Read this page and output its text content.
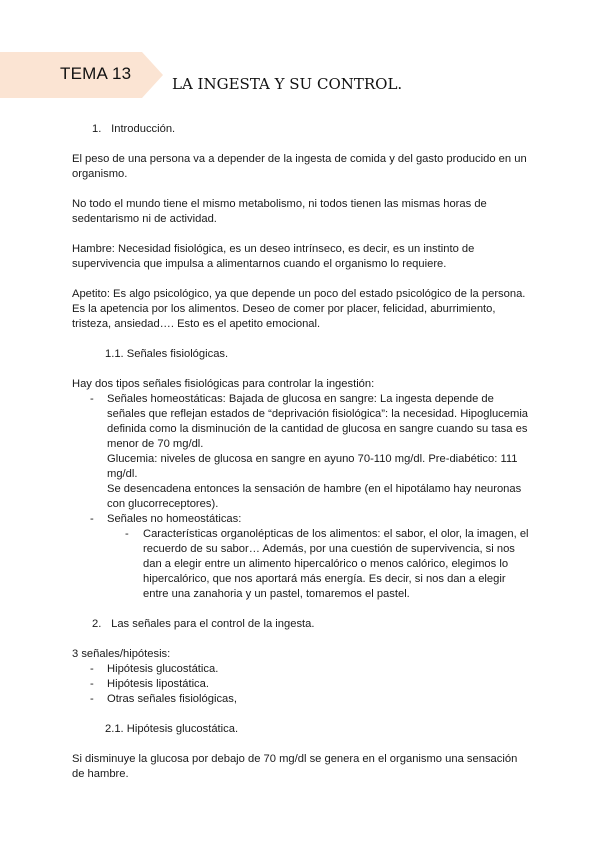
TEMA 13
LA INGESTA Y SU CONTROL.
1. Introducción.

El peso de una persona va a depender de la ingesta de comida y del gasto producido en un organismo.

No todo el mundo tiene el mismo metabolismo, ni todos tienen las mismas horas de sedentarismo ni de actividad.

Hambre: Necesidad fisiológica, es un deseo intrínseco, es decir, es un instinto de supervivencia que impulsa a alimentarnos cuando el organismo lo requiere.

Apetito: Es algo psicológico, ya que depende un poco del estado psicológico de la persona. Es la apetencia por los alimentos. Deseo de comer por placer, felicidad, aburrimiento, tristeza, ansiedad…. Esto es el apetito emocional.

1.1. Señales fisiológicas.

Hay dos tipos señales fisiológicas para controlar la ingestión:

- Señales homeostáticas: Bajada de glucosa en sangre: La ingesta depende de señales que reflejan estados de “deprivación fisiológica”: la necesidad. Hipoglucemia definida como la disminución de la cantidad de glucosa en sangre cuando su tasa es menor de 70 mg/dl.
Glucemia: niveles de glucosa en sangre en ayuno 70-110 mg/dl. Pre-diabético: 111 mg/dl.
Se desencadena entonces la sensación de hambre (en el hipotálamo hay neuronas con glucorreceptores).
- Señales no homeostáticas:
- Características organolépticas de los alimentos: el sabor, el olor, la imagen, el recuerdo de su sabor… Además, por una cuestión de supervivencia, si nos dan a elegir entre un alimento hipercalórico o menos calórico, elegimos lo hipercalórico, que nos aportará más energía. Es decir, si nos dan a elegir entre una zanahoria y un pastel, tomaremos el pastel.
2. Las señales para el control de la ingesta.

3 señales/hipótesis:

- Hipótesis glucostática.
- Hipótesis lipostática.
- Otras señales fisiológicas,
2.1. Hipótesis glucostática.

Si disminuye la glucosa por debajo de 70 mg/dl se genera en el organismo una sensación de hambre.
